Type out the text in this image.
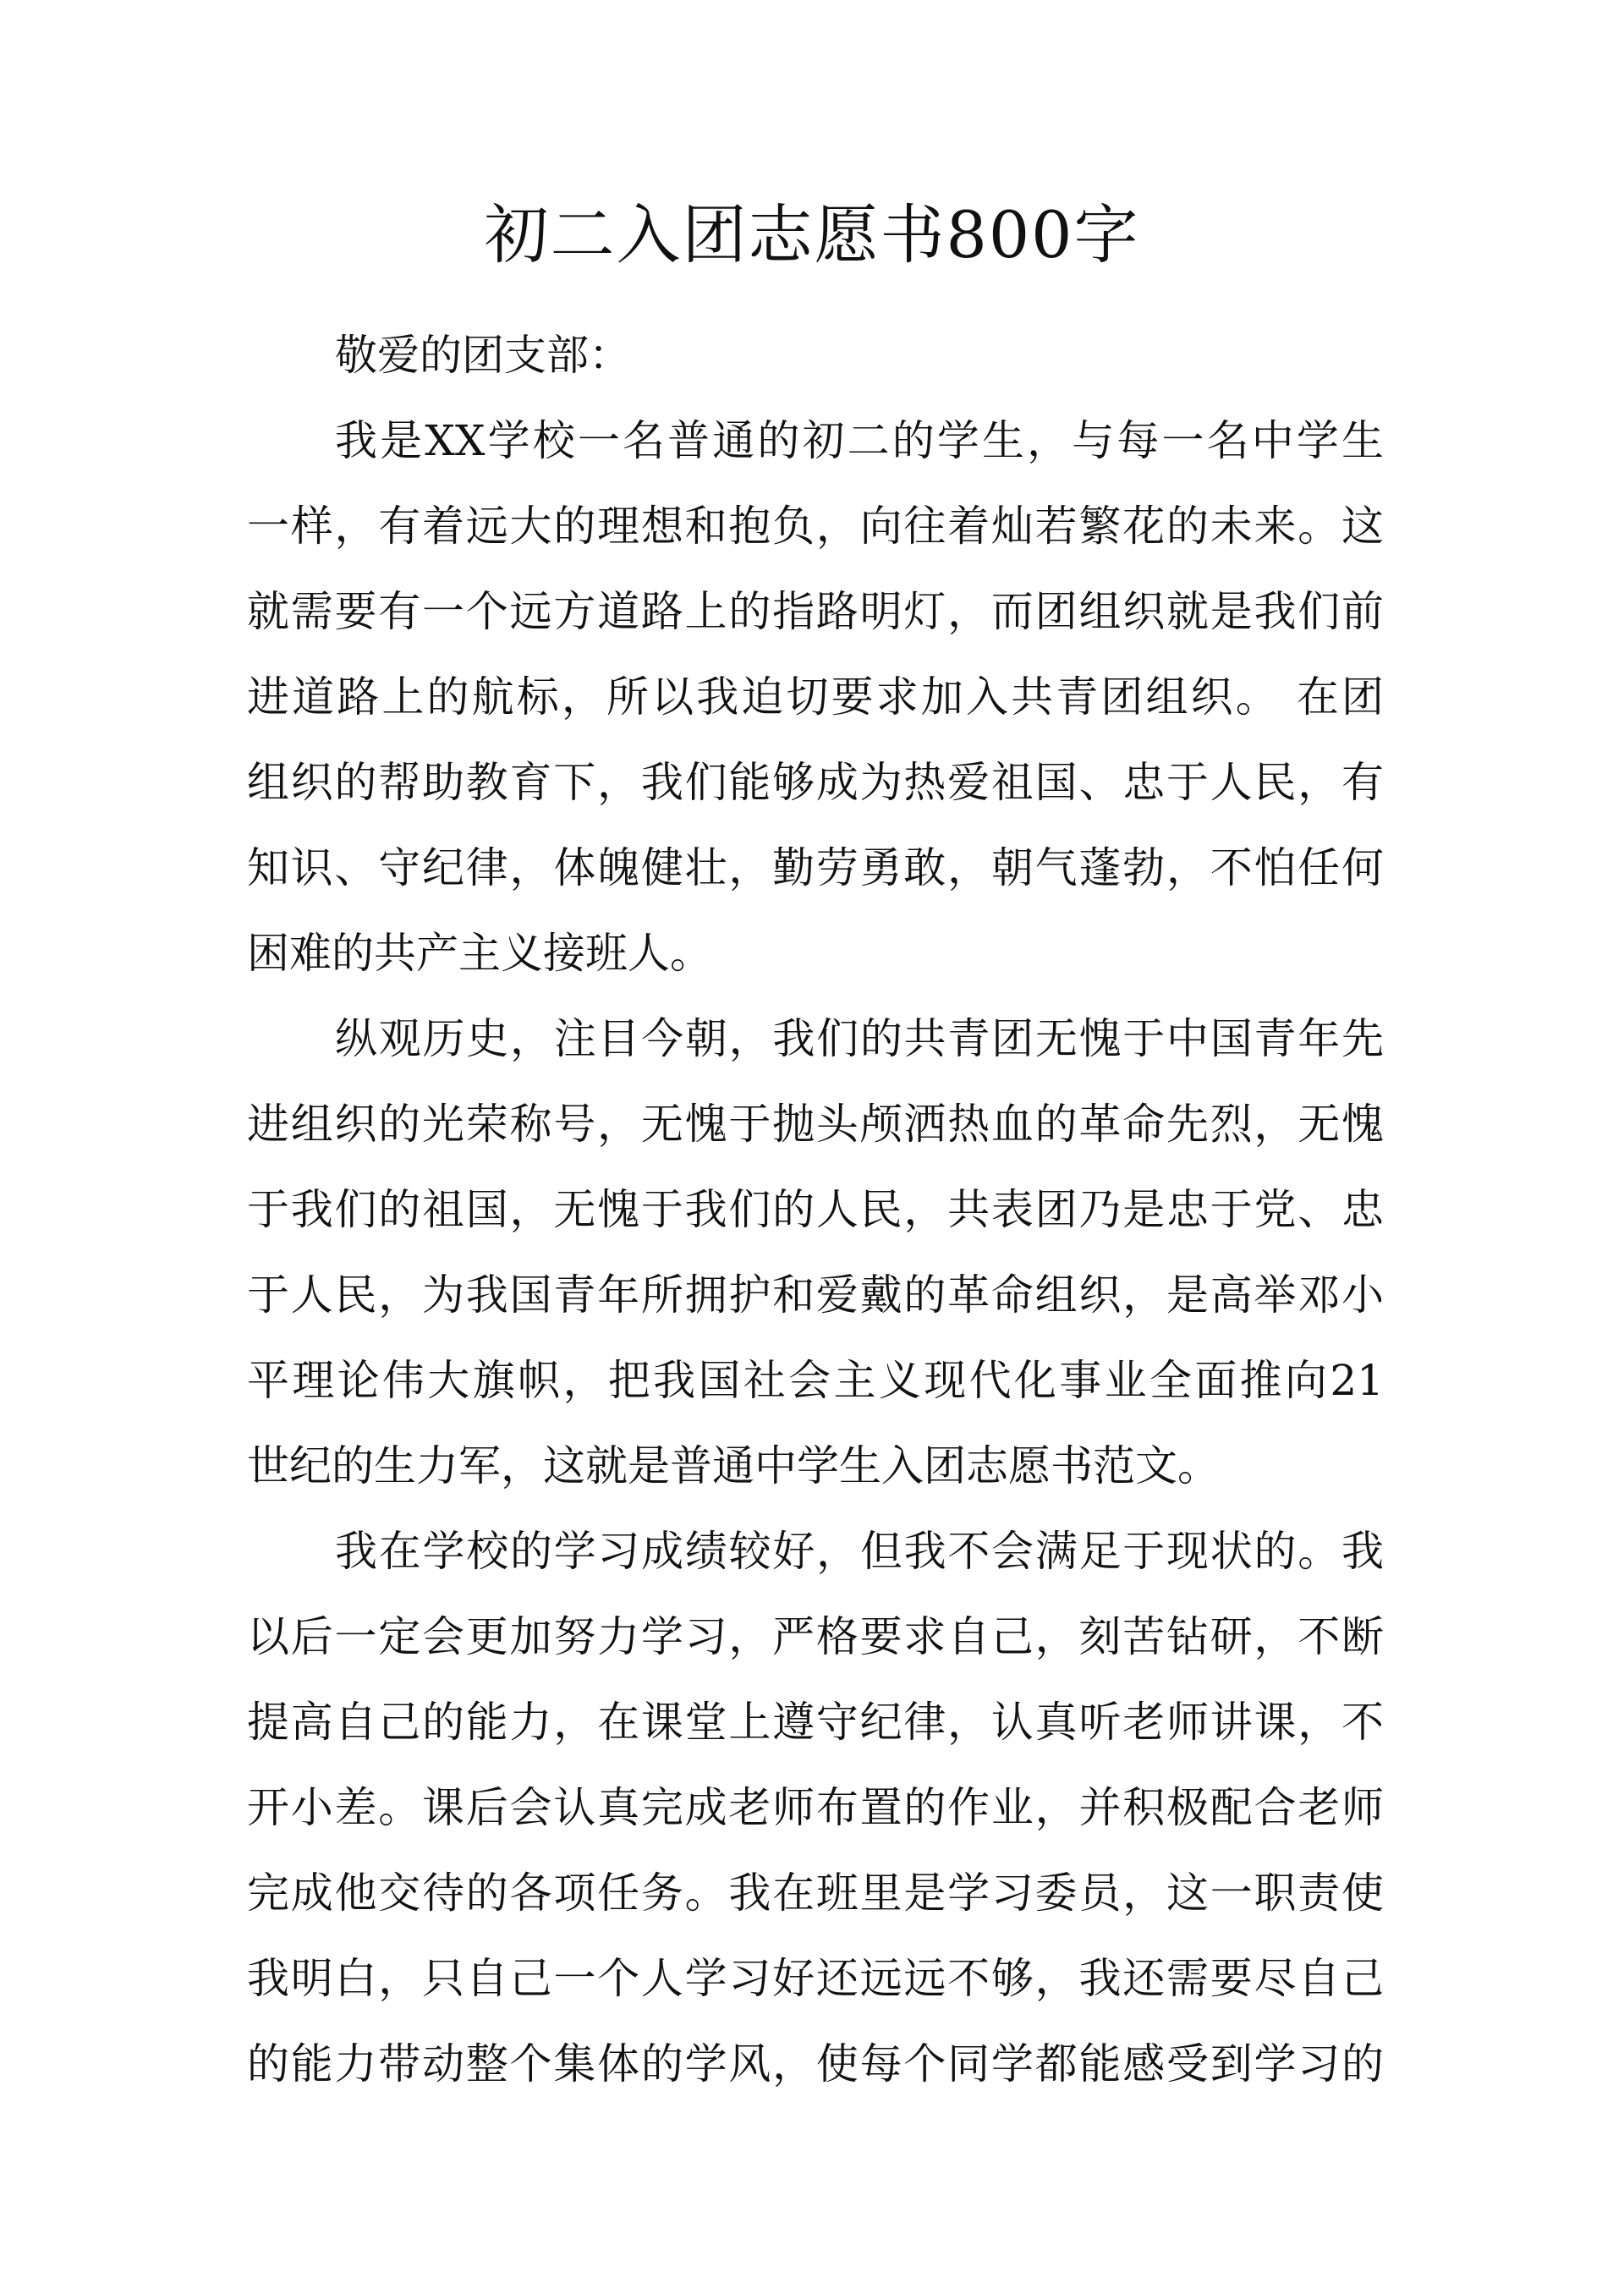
初二入团志愿书800字
敬爱的团支部：
我是XX学校一名普通的初二的学生，与每一名中学生
一样，有着远大的理想和抱负，向往着灿若繁花的未来。这
就需要有一个远方道路上的指路明灯，而团组织就是我们前
进道路上的航标，所以我迫切要求加入共青团组织。 在团
组织的帮助教育下，我们能够成为热爱祖国、忠于人民，有
知识、守纪律，体魄健壮，勤劳勇敢，朝气蓬勃，不怕任何
困难的共产主义接班人。
纵观历史，注目今朝，我们的共青团无愧于中国青年先
进组织的光荣称号，无愧于抛头颅洒热血的革命先烈，无愧
于我们的祖国，无愧于我们的人民，共表团乃是忠于党、忠
于人民，为我国青年所拥护和爱戴的革命组织，是高举邓小
平理论伟大旗帜，把我国社会主义现代化事业全面推向21
世纪的生力军，这就是普通中学生入团志愿书范文。
我在学校的学习成绩较好，但我不会满足于现状的。我
以后一定会更加努力学习，严格要求自己，刻苦钻研，不断
提高自己的能力，在课堂上遵守纪律，认真听老师讲课，不
开小差。课后会认真完成老师布置的作业，并积极配合老师
完成他交待的各项任务。我在班里是学习委员，这一职责使
我明白，只自己一个人学习好还远远不够，我还需要尽自己
的能力带动整个集体的学风，使每个同学都能感受到学习的
